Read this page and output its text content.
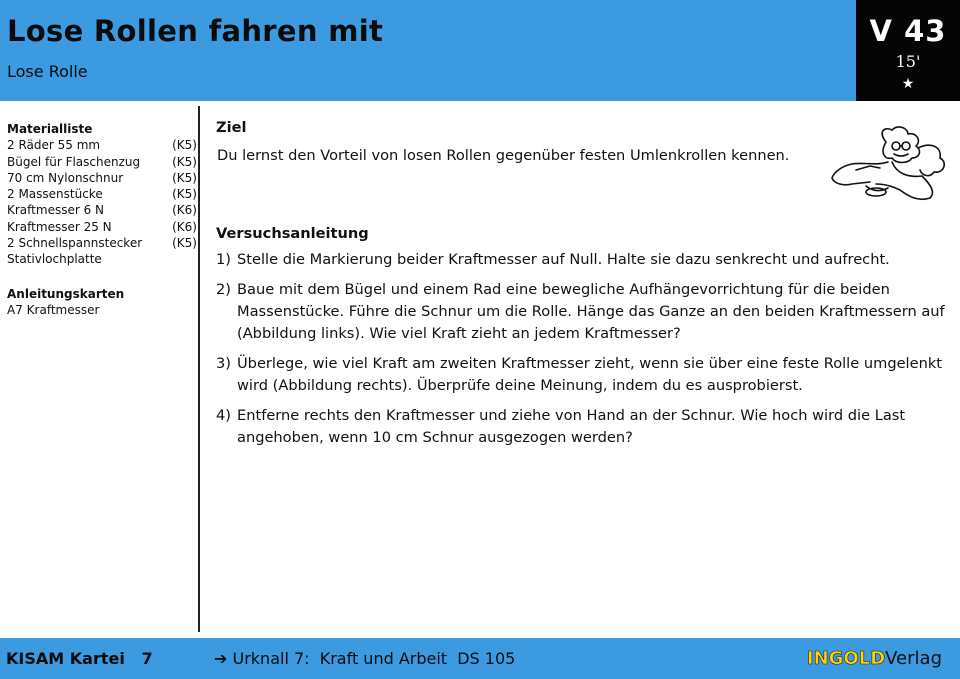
Lose Rollen fahren mit
Lose Rolle
V 43
15'
★
Materialliste
2 Räder 55 mm	(K5)
Bügel für Flaschenzug	(K5)
70 cm Nylonschnur	(K5)
2 Massenstücke	(K5)
Kraftmesser 6 N	(K6)
Kraftmesser 25 N	(K6)
2 Schnellspannstecker (K5)
Stativlochplatte
Anleitungskarten
A7 Kraftmesser
Ziel
Du lernst den Vorteil von losen Rollen gegenüber festen Umlenkrollen kennen.
Versuchsanleitung
1) Stelle die Markierung beider Kraftmesser auf Null. Halte sie dazu senkrecht und aufrecht.
2) Baue mit dem Bügel und einem Rad eine bewegliche Aufhängevorrichtung für die beiden Massenstücke. Führe die Schnur um die Rolle. Hänge das Ganze an den beiden Kraftmessern auf (Abbildung links). Wie viel Kraft zieht an jedem Kraftmesser?
3) Überlege, wie viel Kraft am zweiten Kraftmesser zieht, wenn sie über eine feste Rolle umgelenkt wird (Abbildung rechts). Überprüfe deine Meinung, indem du es ausprobierst.
4) Entferne rechts den Kraftmesser und ziehe von Hand an der Schnur. Wie hoch wird die Last angehoben, wenn 10 cm Schnur ausgezogen werden?
KISAM Kartei   7	➔ Urknall 7:  Kraft und Arbeit  DS 105	INGOLDVerlag
